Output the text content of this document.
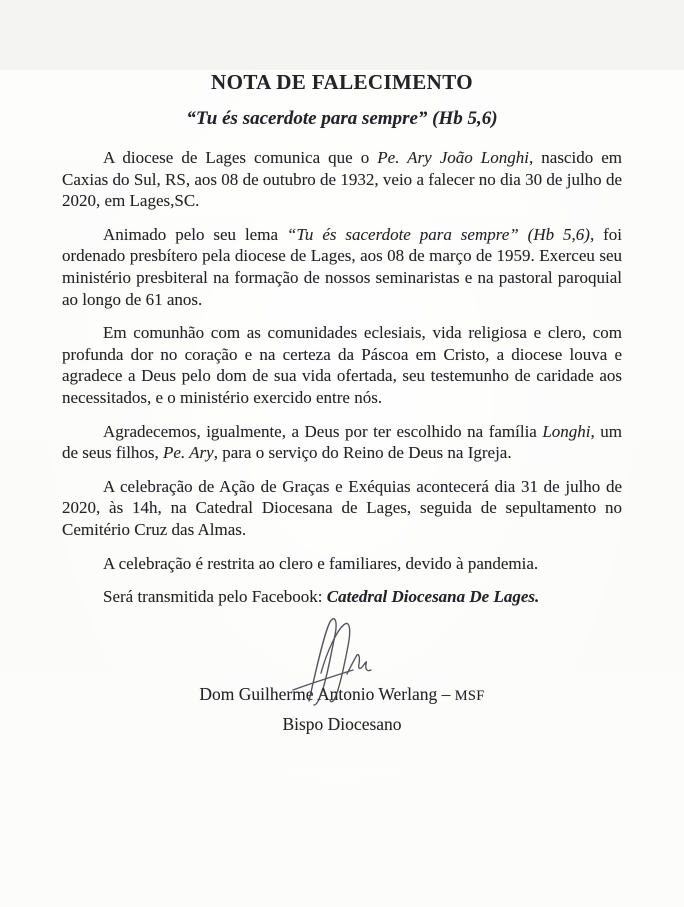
NOTA DE FALECIMENTO
“Tu és sacerdote para sempre” (Hb 5,6)

A diocese de Lages comunica que o Pe. Ary João Longhi, nascido em Caxias do Sul, RS, aos 08 de outubro de 1932, veio a falecer no dia 30 de julho de 2020, em Lages,SC.

Animado pelo seu lema “Tu és sacerdote para sempre” (Hb 5,6), foi ordenado presbítero pela diocese de Lages, aos 08 de março de 1959. Exerceu seu ministério presbiteral na formação de nossos seminaristas e na pastoral paroquial ao longo de 61 anos.

Em comunhão com as comunidades eclesiais, vida religiosa e clero, com profunda dor no coração e na certeza da Páscoa em Cristo, a diocese louva e agradece a Deus pelo dom de sua vida ofertada, seu testemunho de caridade aos necessitados, e o ministério exercido entre nós.

Agradecemos, igualmente, a Deus por ter escolhido na família Longhi, um de seus filhos, Pe. Ary, para o serviço do Reino de Deus na Igreja.

A celebração de Ação de Graças e Exéquias acontecerá dia 31 de julho de 2020, às 14h, na Catedral Diocesana de Lages, seguida de sepultamento no Cemitério Cruz das Almas.

A celebração é restrita ao clero e familiares, devido à pandemia.

Será transmitida pelo Facebook: Catedral Diocesana De Lages.

Dom Guilherme Antonio Werlang – MSF
Bispo Diocesano
